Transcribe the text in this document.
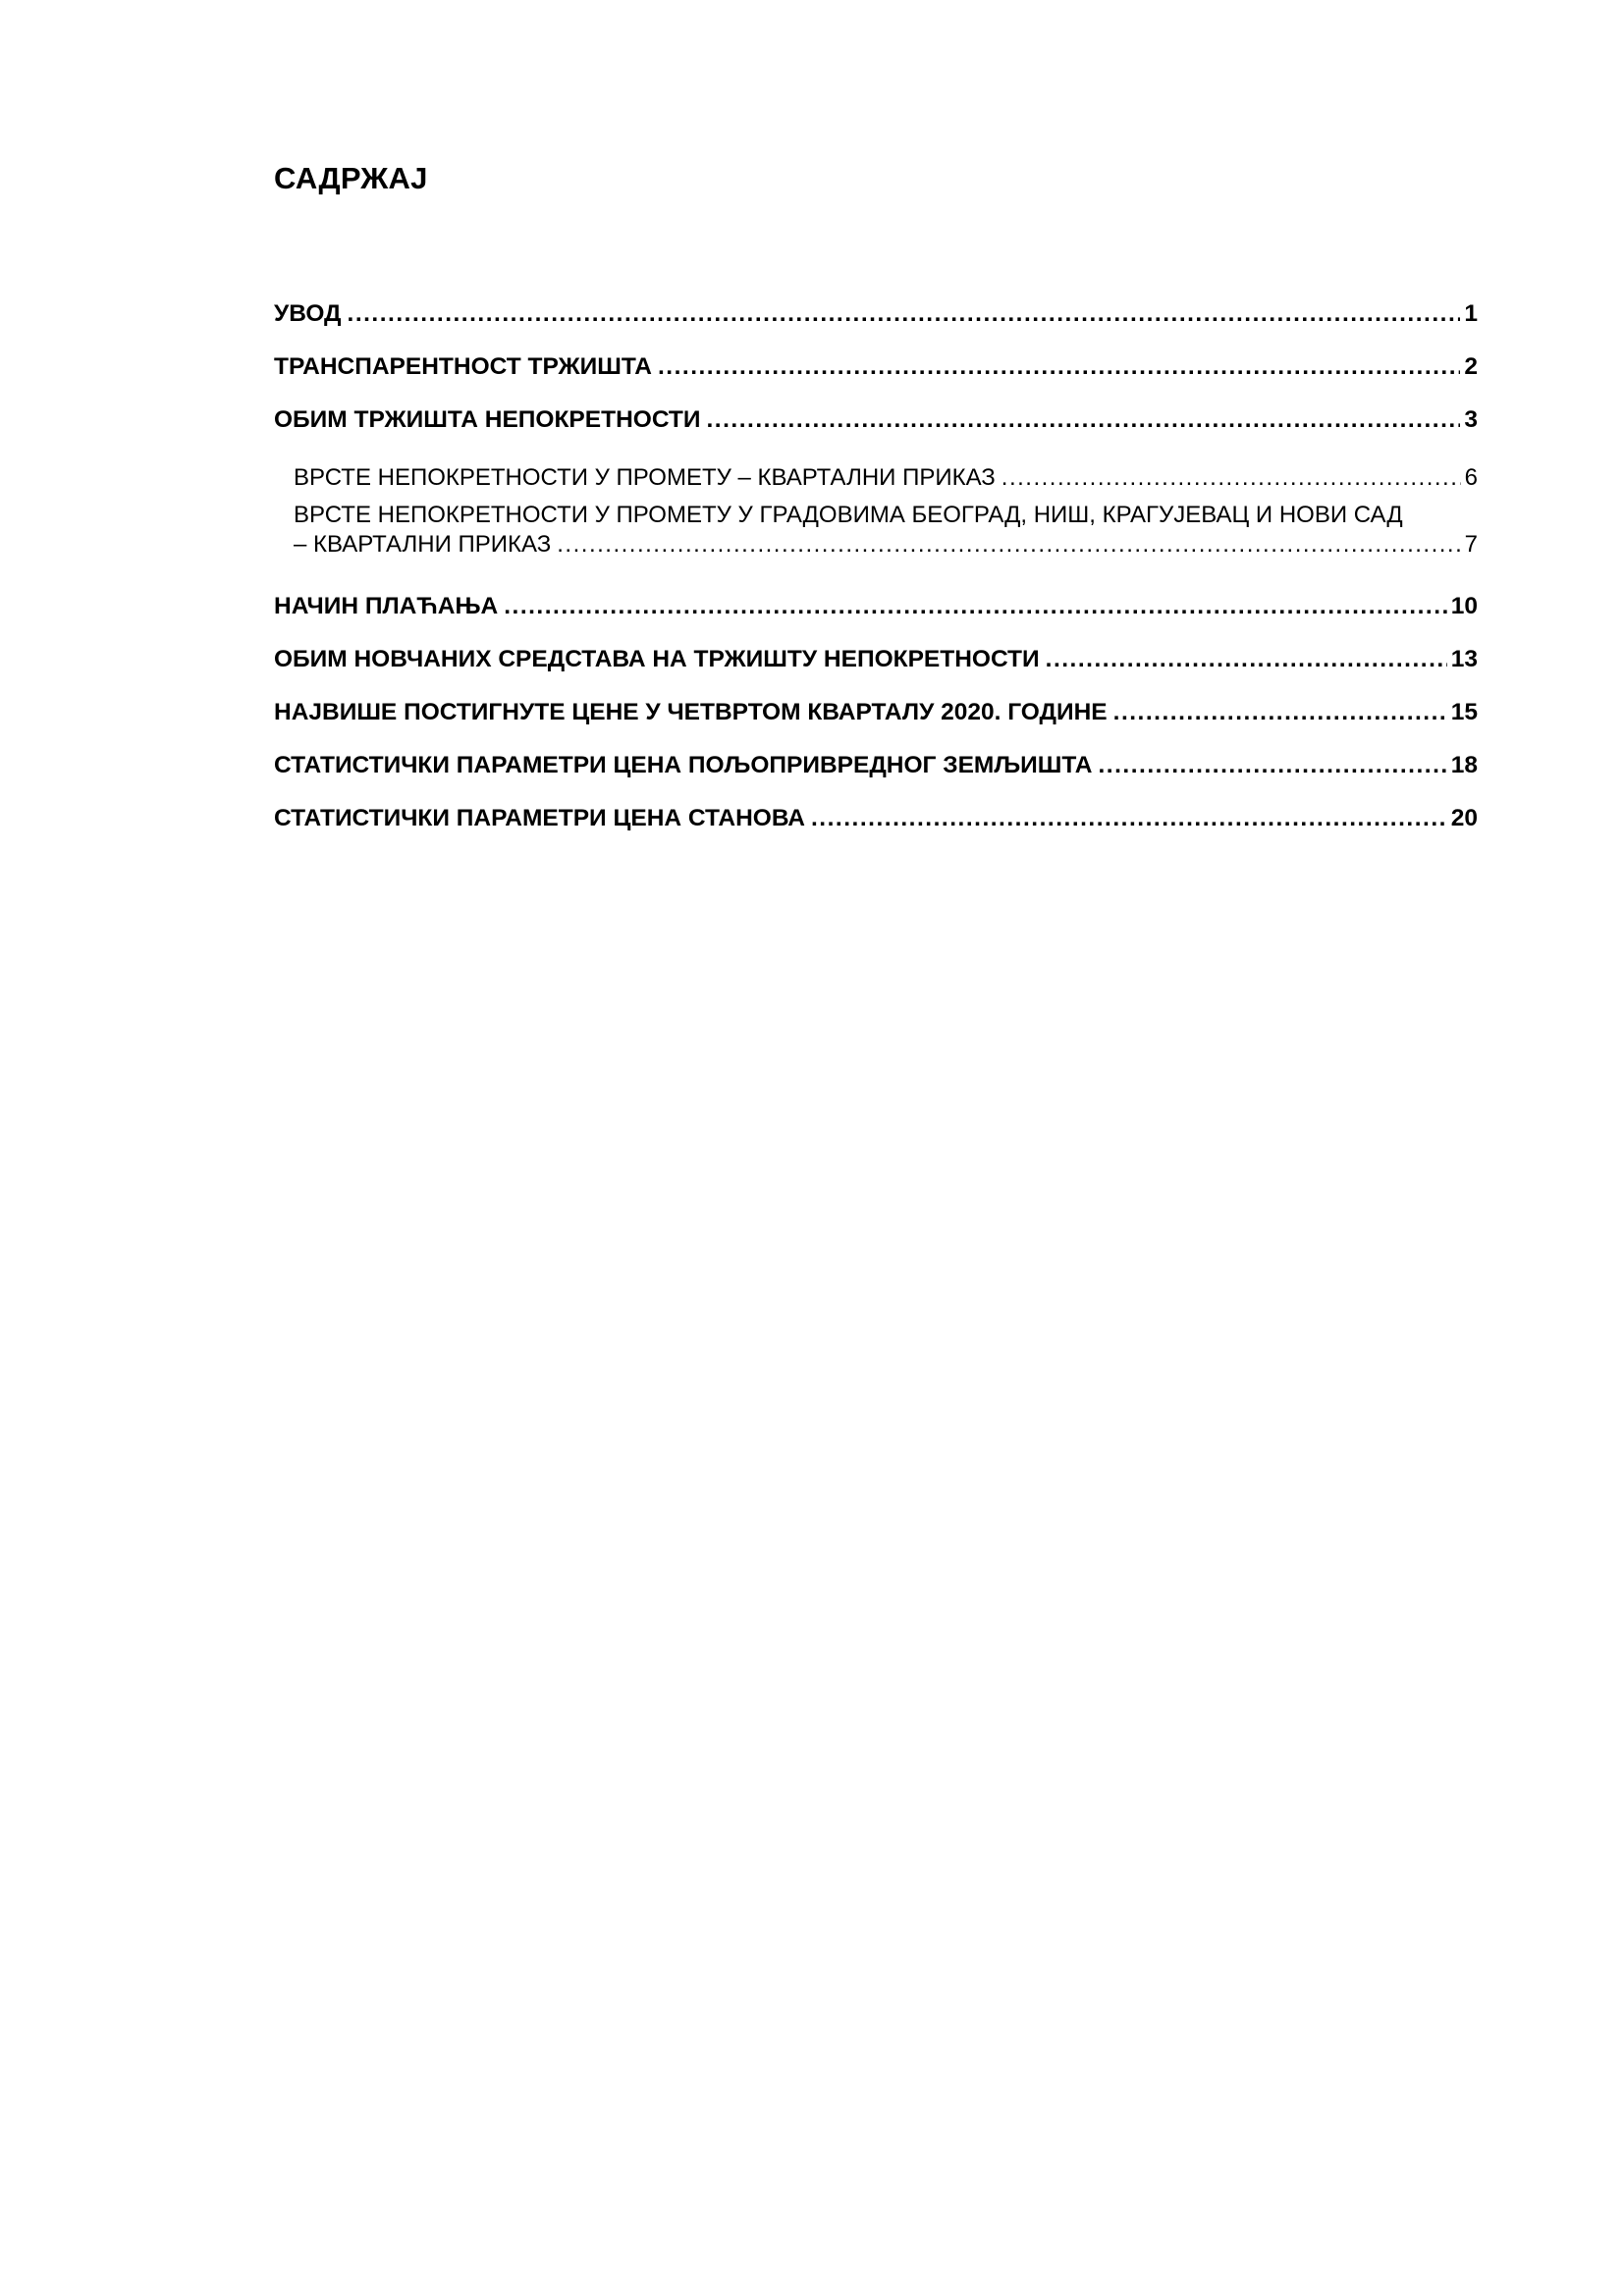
САДРЖАЈ
УВОД .....	1
ТРАНСПАРЕНТНОСТ ТРЖИШТА .....	2
ОБИМ ТРЖИШТА НЕПОКРЕТНОСТИ .....	3
ВРСТЕ НЕПОКРЕТНОСТИ У ПРОМЕТУ – КВАРТАЛНИ ПРИКАЗ .....	6
ВРСТЕ НЕПОКРЕТНОСТИ У ПРОМЕТУ У ГРАДОВИМА БЕОГРАД, НИШ, КРАГУЈЕВАЦ И НОВИ САД
– КВАРТАЛНИ ПРИКАЗ .....	7
НАЧИН ПЛАЋАЊА .....	10
ОБИМ НОВЧАНИХ СРЕДСТАВА НА ТРЖИШТУ НЕПОКРЕТНОСТИ .....	13
НАЈВИШЕ ПОСТИГНУТЕ ЦЕНЕ У ЧЕТВРТОМ КВАРТАЛУ 2020. ГОДИНЕ .....	15
СТАТИСТИЧКИ ПАРАМЕТРИ ЦЕНА ПОЉОПРИВРЕДНОГ ЗЕМЉИШТА .....	18
СТАТИСТИЧКИ ПАРАМЕТРИ ЦЕНА СТАНОВА .....	20
